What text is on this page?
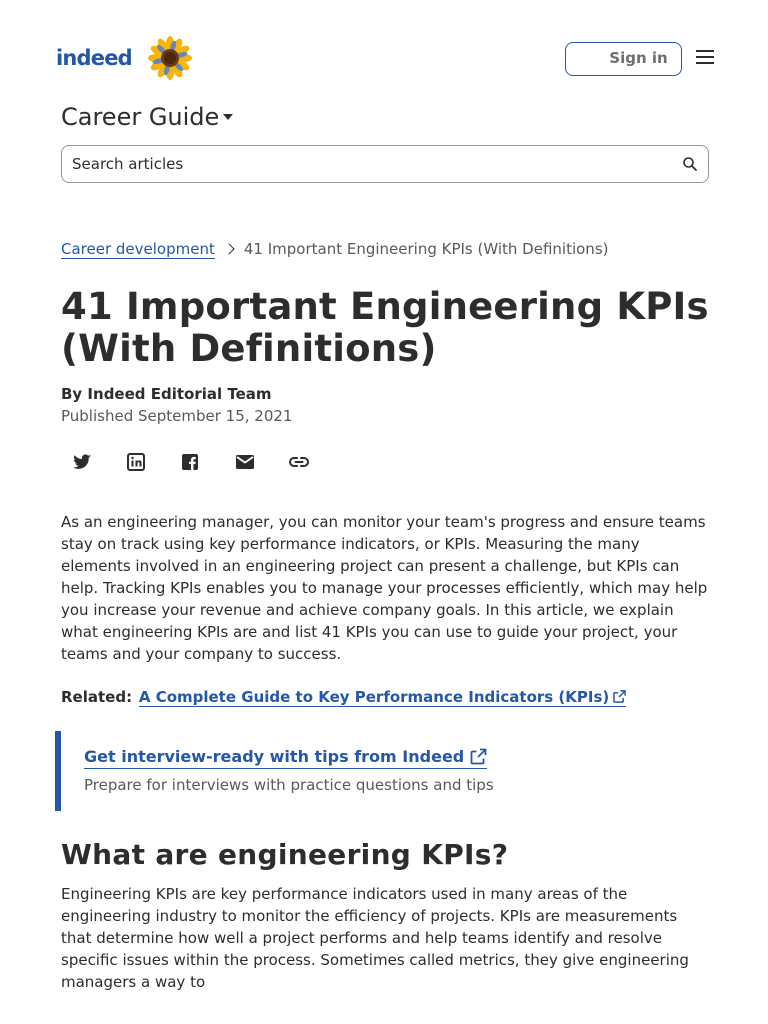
indeed	Sign in
Career Guide
Search articles
Career development 41 Important Engineering KPIs (With Definitions)
41 Important Engineering KPIs (With Definitions)
By Indeed Editorial Team
Published September 15, 2021

As an engineering manager, you can monitor your team's progress and ensure teams stay on track using key performance indicators, or KPIs. Measuring the many elements involved in an engineering project can present a challenge, but KPIs can help. Tracking KPIs enables you to manage your processes efficiently, which may help you increase your revenue and achieve company goals. In this article, we explain what engineering KPIs are and list 41 KPIs you can use to guide your project, your teams and your company to success.

Related: A Complete Guide to Key Performance Indicators (KPIs)
Get interview-ready with tips from Indeed
Prepare for interviews with practice questions and tips
What are engineering KPIs?

Engineering KPIs are key performance indicators used in many areas of the engineering industry to monitor the efficiency of projects. KPIs are measurements that determine how well a project performs and help teams identify and resolve specific issues within the process. Sometimes called metrics, they give engineering managers a way to
